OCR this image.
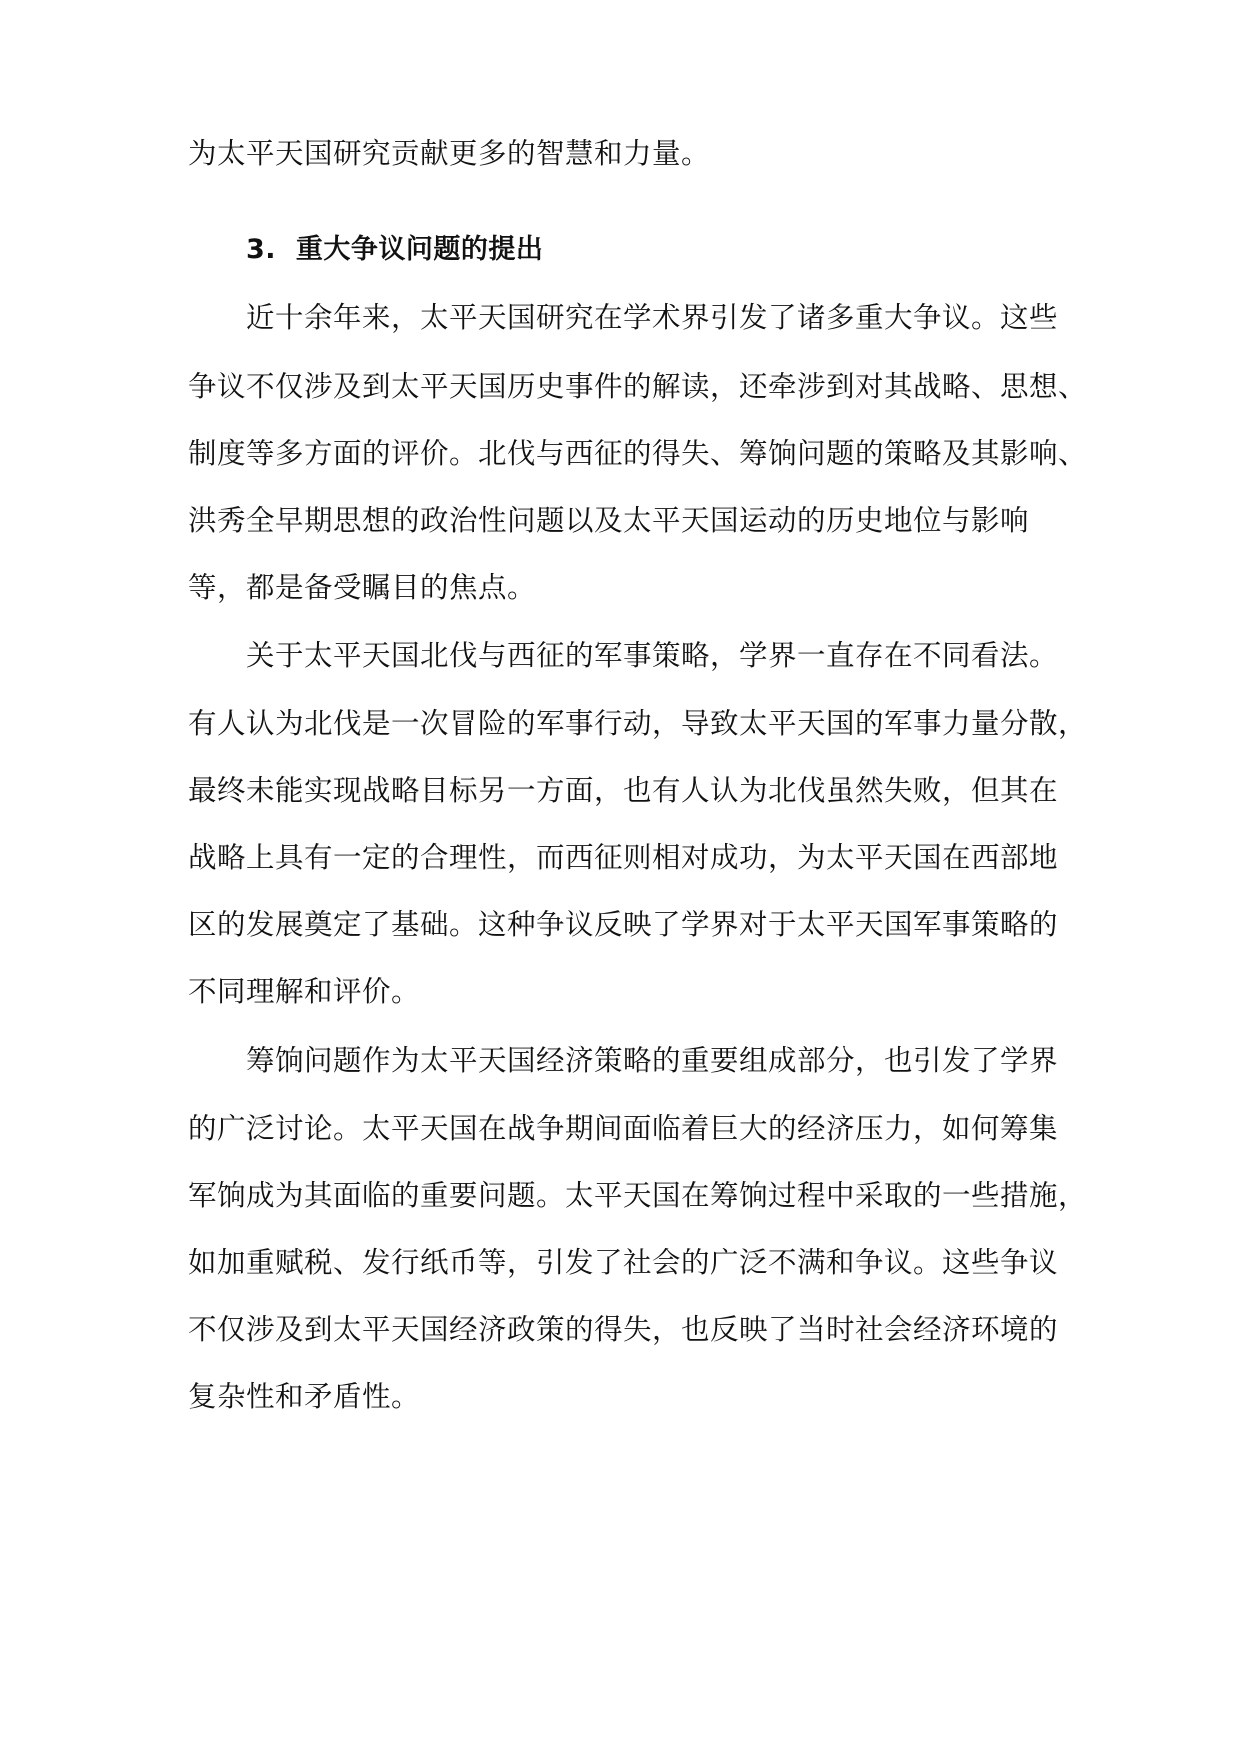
为太平天国研究贡献更多的智慧和力量。
3. 重大争议问题的提出
近十余年来，太平天国研究在学术界引发了诸多重大争议。这些
争议不仅涉及到太平天国历史事件的解读，还牵涉到对其战略、思想、
制度等多方面的评价。北伐与西征的得失、筹饷问题的策略及其影响、
洪秀全早期思想的政治性问题以及太平天国运动的历史地位与影响
等，都是备受瞩目的焦点。
关于太平天国北伐与西征的军事策略，学界一直存在不同看法。
有人认为北伐是一次冒险的军事行动，导致太平天国的军事力量分散，
最终未能实现战略目标另一方面，也有人认为北伐虽然失败，但其在
战略上具有一定的合理性，而西征则相对成功，为太平天国在西部地
区的发展奠定了基础。这种争议反映了学界对于太平天国军事策略的
不同理解和评价。
筹饷问题作为太平天国经济策略的重要组成部分，也引发了学界
的广泛讨论。太平天国在战争期间面临着巨大的经济压力，如何筹集
军饷成为其面临的重要问题。太平天国在筹饷过程中采取的一些措施，
如加重赋税、发行纸币等，引发了社会的广泛不满和争议。这些争议
不仅涉及到太平天国经济政策的得失，也反映了当时社会经济环境的
复杂性和矛盾性。
